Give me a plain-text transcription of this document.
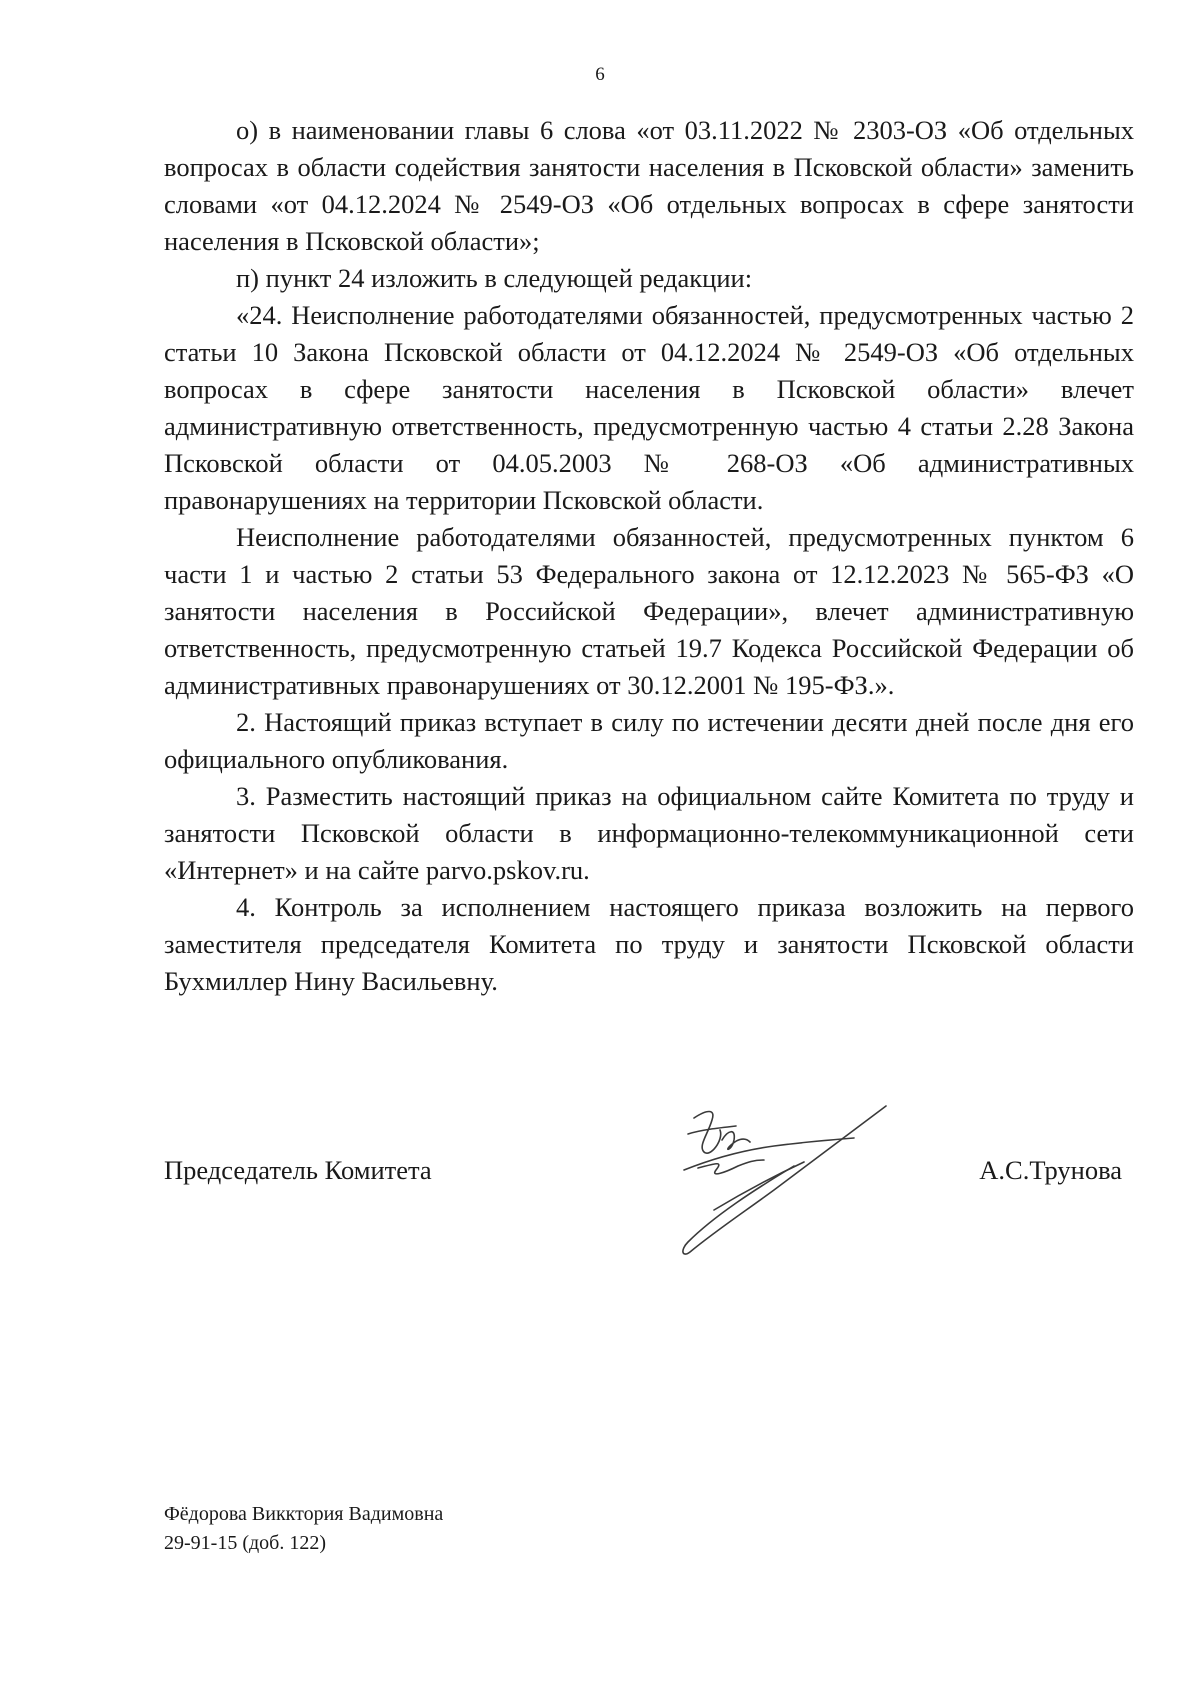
6

о) в наименовании главы 6 слова «от 03.11.2022 № 2303-ОЗ «Об отдельных вопросах в области содействия занятости населения в Псковской области» заменить словами «от 04.12.2024 № 2549-ОЗ «Об отдельных вопросах в сфере занятости населения в Псковской области»;

п) пункт 24 изложить в следующей редакции:

«24. Неисполнение работодателями обязанностей, предусмотренных частью 2 статьи 10 Закона Псковской области от 04.12.2024 № 2549-ОЗ «Об отдельных вопросах в сфере занятости населения в Псковской области» влечет административную ответственность, предусмотренную частью 4 статьи 2.28 Закона Псковской области от 04.05.2003 № 268-ОЗ «Об административных правонарушениях на территории Псковской области.

Неисполнение работодателями обязанностей, предусмотренных пунктом 6 части 1 и частью 2 статьи 53 Федерального закона от 12.12.2023 № 565-ФЗ «О занятости населения в Российской Федерации», влечет административную ответственность, предусмотренную статьей 19.7 Кодекса Российской Федерации об административных правонарушениях от 30.12.2001 № 195-ФЗ.».

2. Настоящий приказ вступает в силу по истечении десяти дней после дня его официального опубликования.

3. Разместить настоящий приказ на официальном сайте Комитета по труду и занятости Псковской области в информационно-телекоммуникационной сети «Интернет» и на сайте parvo.pskov.ru.

4. Контроль за исполнением настоящего приказа возложить на первого заместителя председателя Комитета по труду и занятости Псковской области Бухмиллер Нину Васильевну.

Председатель Комитета	А.С.Трунова
Фёдорова Викктория Вадимовна
29-91-15 (доб. 122)
